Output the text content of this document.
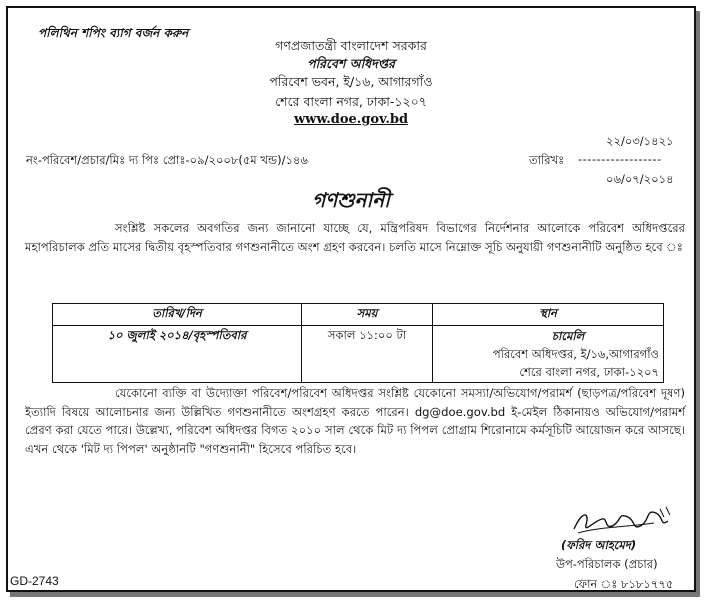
পলিথিন শপিং ব্যাগ বর্জন করুন
গণপ্রজাতন্ত্রী বাংলাদেশ সরকার
পরিবেশ অধিদপ্তর
পরিবেশ ভবন, ই/১৬, আগারগাঁও
শেরে বাংলা নগর, ঢাকা-১২০৭
www.doe.gov.bd
২২/০৩/১৪২১
নং-পরিবেশ/প্রচার/মিঃ দ্য পিঃ প্রোঃ-০৯/২০০৮(৫ম খন্ড)/১৪৬	তারিখঃ ------------------
০৬/০৭/২০১৪
গণশুনানী
সংশ্লিষ্ট সকলের অবগতির জন্য জানানো যাচ্ছে যে, মন্ত্রিপরিষদ বিভাগের নির্দেশনার আলোকে পরিবেশ অধিদপ্তরের মহাপরিচালক প্রতি মাসের দ্বিতীয় বৃহস্পতিবার গণশুনানীতে অংশ গ্রহণ করবেন। চলতি মাসে নিম্নোক্ত সূচি অনুযায়ী গণশুনানীটি অনুষ্ঠিত হবে ঃ
তারিখ/দিন	সময়	স্থান
১০ জুলাই ২০১৪/বৃহস্পতিবার	সকাল ১১:০০ টা	চামেলি
পরিবেশ অধিদপ্তর, ই/১৬,আগারগাঁও
শেরে বাংলা নগর, ঢাকা-১২০৭
যেকোনো ব্যক্তি বা উদ্যোক্তা পরিবেশ/পরিবেশ অধিদপ্তর সংশ্লিষ্ট যেকোনো সমস্যা/অভিযোগ/পরামর্শ (ছাড়পত্র/পরিবেশ দূষণ) ইত্যাদি বিষয়ে আলোচনার জন্য উল্লিখিত গণশুনানীতে অংশগ্রহণ করতে পারেন। dg@doe.gov.bd ই-মেইল ঠিকানায়ও অভিযোগ/পরামর্শ প্রেরণ করা যেতে পারে। উল্লেখ্য, পরিবেশ অধিদপ্তর বিগত ২০১০ সাল থেকে মিট দ্য পিপল প্রোগ্রাম শিরোনামে কর্মসূচিটি আয়োজন করে আসছে। এখন থেকে 'মিট দ্য পিপল' অনুষ্ঠানটি "গণশুনানী" হিসেবে পরিচিত হবে।
(ফরিদ আহমেদ)
উপ-পরিচালক (প্রচার)
ফোন ঃ ৮১৮১৭৭৫
GD-2743
